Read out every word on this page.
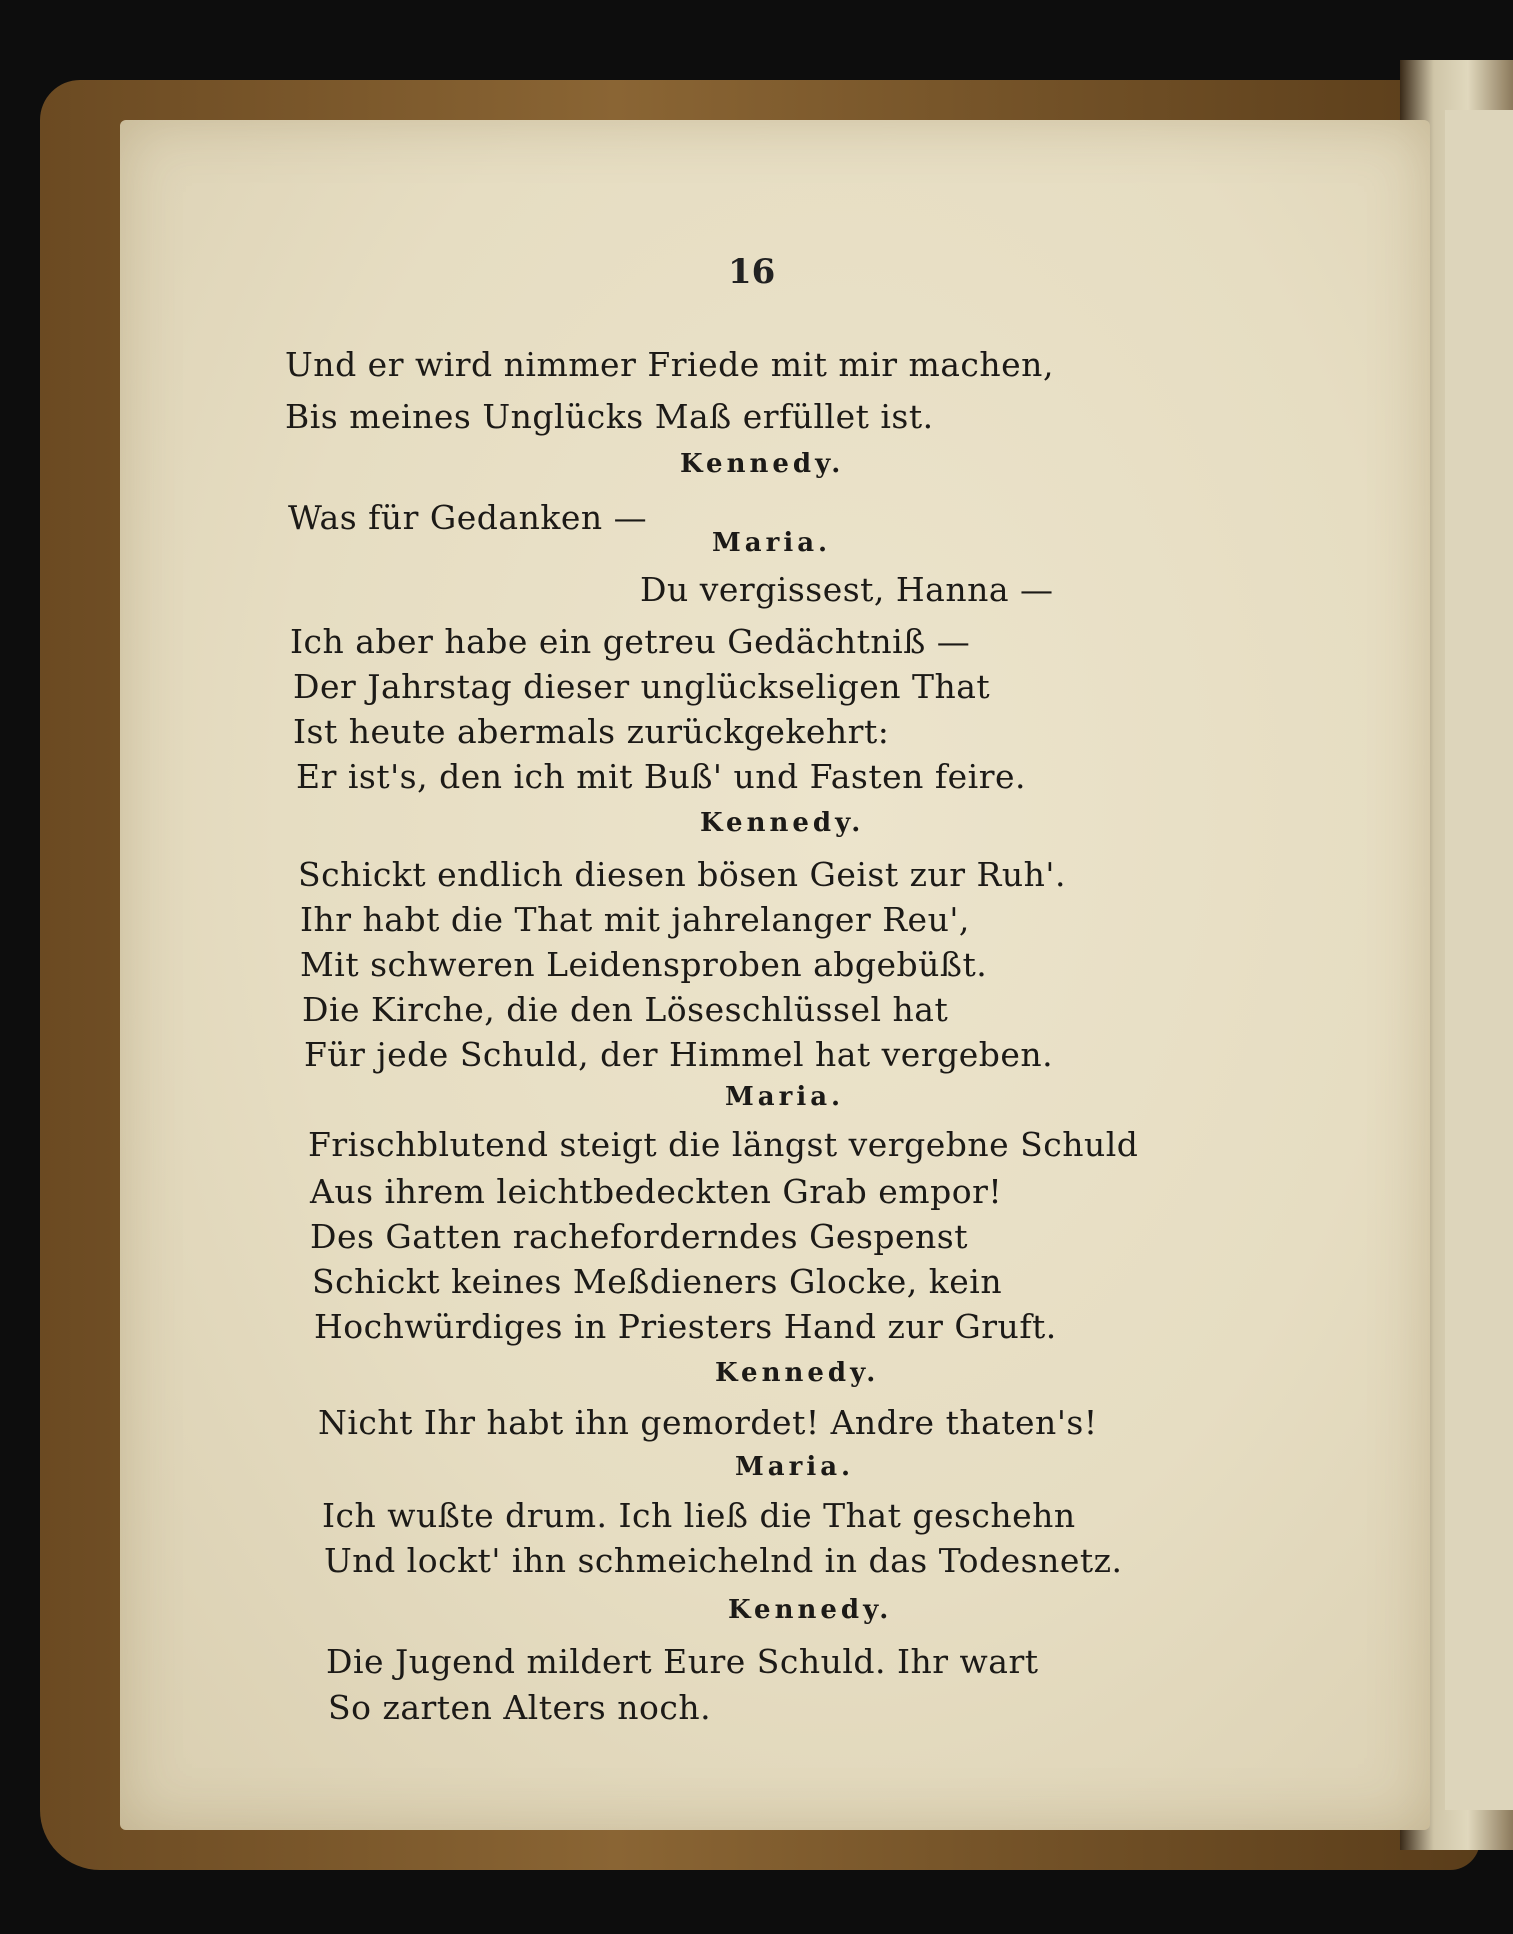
16
Und er wird nimmer Friede mit mir machen,
Bis meines Unglücks Maß erfüllet ist.
Kennedy.
Was für Gedanken —
Maria.
Du vergissest, Hanna —
Ich aber habe ein getreu Gedächtniß —
Der Jahrstag dieser unglückseligen That
Ist heute abermals zurückgekehrt:
Er ist's, den ich mit Buß' und Fasten feire.
Kennedy.
Schickt endlich diesen bösen Geist zur Ruh'.
Ihr habt die That mit jahrelanger Reu',
Mit schweren Leidensproben abgebüßt.
Die Kirche, die den Löseschlüssel hat
Für jede Schuld, der Himmel hat vergeben.
Maria.
Frischblutend steigt die längst vergebne Schuld
Aus ihrem leichtbedeckten Grab empor!
Des Gatten racheforderndes Gespenst
Schickt keines Meßdieners Glocke, kein
Hochwürdiges in Priesters Hand zur Gruft.
Kennedy.
Nicht Ihr habt ihn gemordet! Andre thaten's!
Maria.
Ich wußte drum. Ich ließ die That geschehn
Und lockt' ihn schmeichelnd in das Todesnetz.
Kennedy.
Die Jugend mildert Eure Schuld. Ihr wart
So zarten Alters noch.
